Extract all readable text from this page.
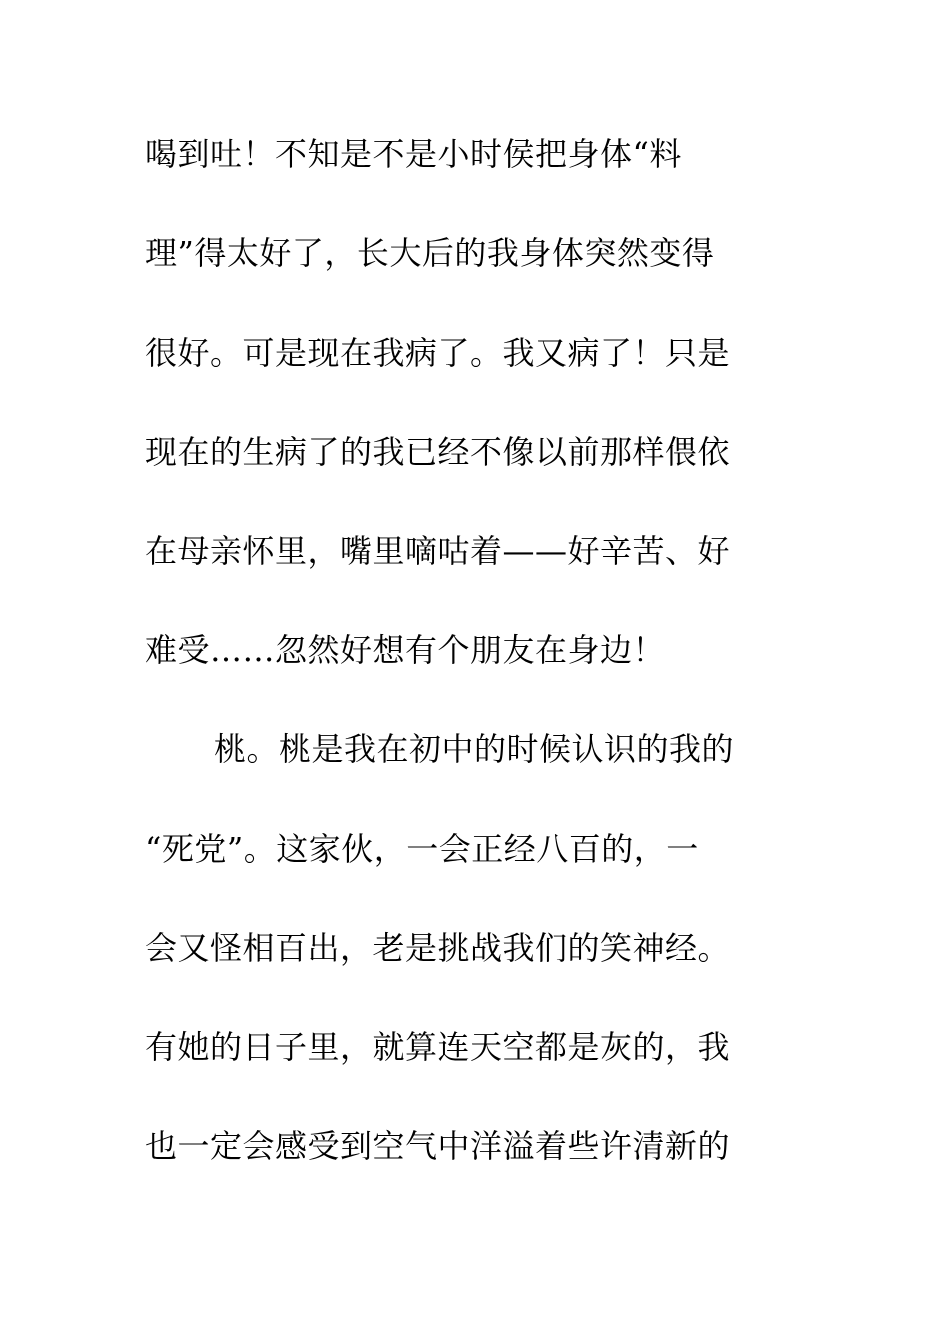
喝到吐！不知是不是小时侯把身体“料
理”得太好了，长大后的我身体突然变得
很好。可是现在我病了。我又病了！只是
现在的生病了的我已经不像以前那样偎依
在母亲怀里，嘴里嘀咕着——好辛苦、好
难受……忽然好想有个朋友在身边！
桃。桃是我在初中的时候认识的我的
“死党”。这家伙，一会正经八百的，一
会又怪相百出，老是挑战我们的笑神经。
有她的日子里，就算连天空都是灰的，我
也一定会感受到空气中洋溢着些许清新的
